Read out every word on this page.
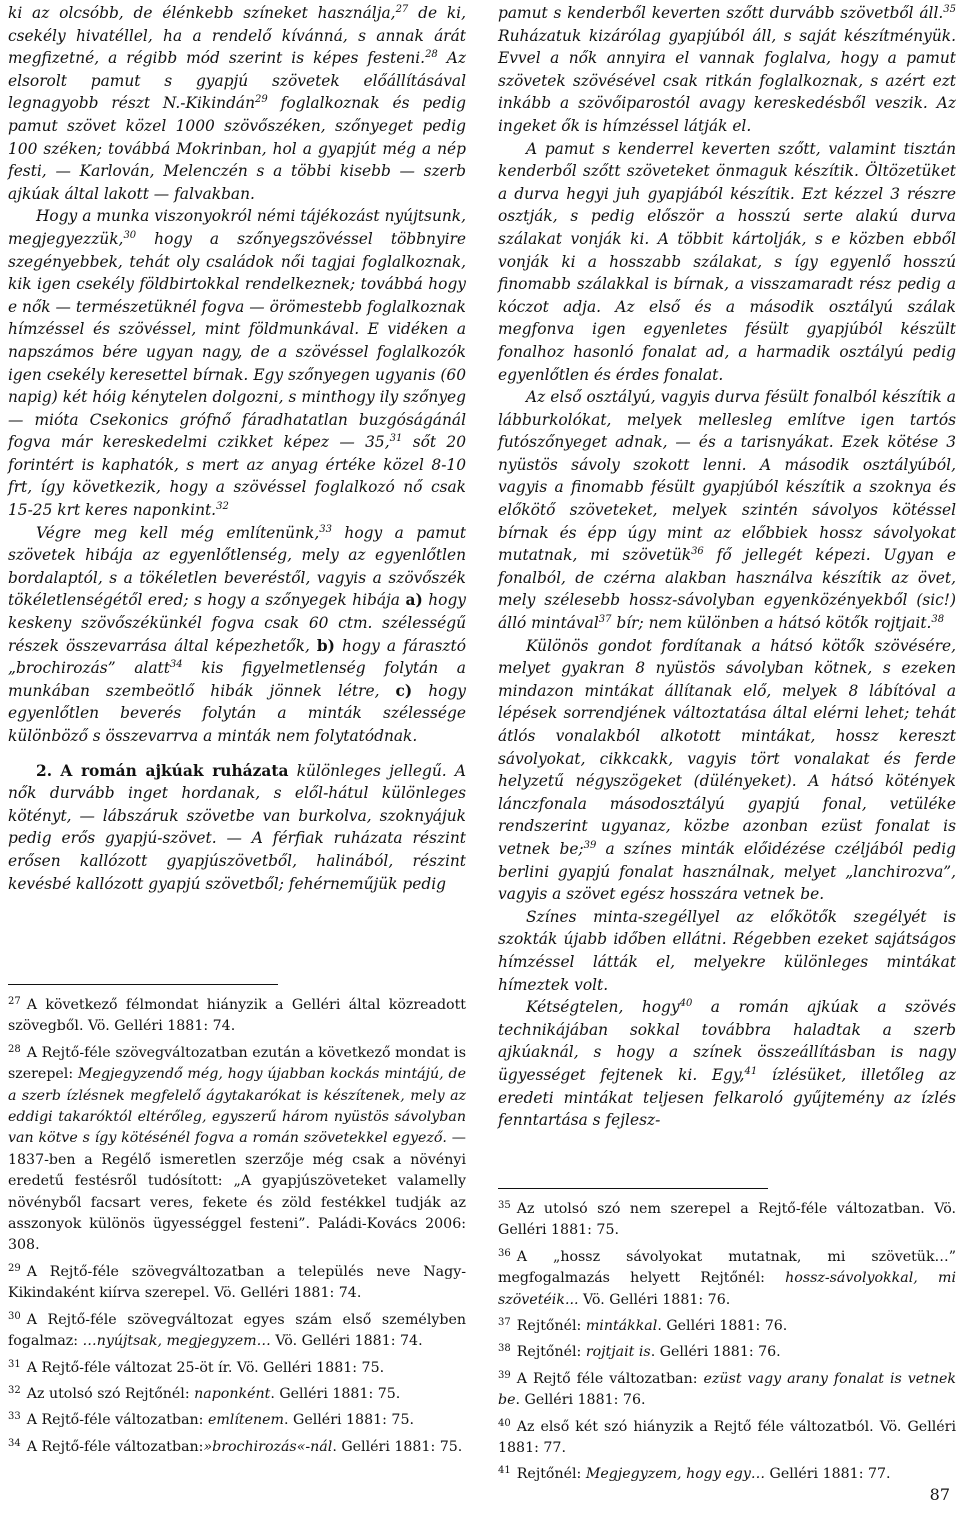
ki az olcsóbb, de élénkebb színeket használja,$^{27}$ de ki, csekély hivatéllel, ha a rendelő kívánná, s annak árát megfizetné, a régibb mód szerint is képes festeni.$^{28}$ Az elsorolt pamut s gyapjú szövetek előállításával legnagyobb részt N.-Kikindán$^{29}$ foglalkoznak és pedig pamut szövet közel 1000 szövőszéken, szőnyeget pedig 100 széken; továbbá Mokrinban, hol a gyapjút még a nép festi, — Karlován, Melenczén s a többi kisebb — szerb ajkúak által lakott — falvakban.

Hogy a munka viszonyokról némi tájékozást nyújtsunk, megjegyezzük,$^{30}$ hogy a szőnyegszövéssel többnyire szegényebbek, tehát oly családok női tagjai foglalkoznak, kik igen csekély földbirtokkal rendelkeznek; továbbá hogy e nők — természetüknél fogva — örömestebb foglalkoznak hímzéssel és szövéssel, mint földmunkával. E vidéken a napszámos bére ugyan nagy, de a szövéssel foglalkozók igen csekély keresettel bírnak. Egy szőnyegen ugyanis (60 napig) két hóig kénytelen dolgozni, s minthogy ily szőnyeg — mióta Csekonics grófnő fáradhatatlan buzgóságánál fogva már kereskedelmi czikket képez — 35,31 sőt 20 forintért is kaphatók, s mert az anyag értéke közel 8-10 frt, így következik, hogy a szövéssel foglalkozó nő csak 15-25 krt keres naponkint.$^{32}$

Végre meg kell még említenünk,$^{33}$ hogy a pamut szövetek hibája az egyenlőtlenség, mely az egyenlőtlen bordalaptól, s a tökéletlen beveréstől, vagyis a szövőszék tökéletlenségétől ered; s hogy a szőnyegek hibája a) hogy keskeny szövőszékünkél fogva csak 60 ctm. szélességű részek összevarrása által képezhetők, b) hogy a fárasztó „brochirozás” alatt$^{34}$ kis figyelmetlenség folytán a munkában szembeötlő hibák jönnek létre, c) hogy egyenlőtlen beverés folytán a minták szélessége különböző s összevarrva a minták nem folytatódnak.

2. A román ajkúak ruházata különleges jellegű. A nők durvább inget hordanak, s elől-hátul különleges kötényt, — lábszáruk szövetbe van burkolva, szoknyájuk pedig erős gyapjú-szövet. — A férfiak ruházata részint erősen kallózott gyapjúszövetből, halinából, részint kevésbé kallózott gyapjú szövetből; fehérneműjük pedig

$^{27}$ A következő félmondat hiányzik a Gelléri által közreadott szövegből. Vö. Gelléri 1881: 74.

$^{28}$ A Rejtő-féle szövegváltozatban ezután a következő mondat is szerepel: Megjegyzendő még, hogy újabban kockás mintájú, de a szerb ízlésnek megfelelő ágytakarókat is készítenek, mely az eddigi takaróktól eltérőleg, egyszerű három nyüstös sávolyban van kötve s így kötésénél fogva a román szövetekkel egyező. — 1837-ben a Regélő ismeretlen szerzője még csak a növényi eredetű festésről tudósított: „A gyapjúszöveteket valamelly növényből facsart veres, fekete és zöld festékkel tudják az asszonyok különös ügyességgel festeni”. Paládi-Kovács 2006: 308.

$^{29}$ A Rejtő-féle szövegváltozatban a település neve Nagy-Kikindaként kiírva szerepel. Vö. Gelléri 1881: 74.

$^{30}$ A Rejtő-féle szövegváltozat egyes szám első személyben fogalmaz: …nyújtsak, megjegyzem… Vö. Gelléri 1881: 74.

$^{31}$ A Rejtő-féle változat 25-öt ír. Vö. Gelléri 1881: 75.

$^{32}$ Az utolsó szó Rejtőnél: naponként. Gelléri 1881: 75.

$^{33}$ A Rejtő-féle változatban: említenem. Gelléri 1881: 75.

$^{34}$ A Rejtő-féle változatban:»brochirozás«-nál. Gelléri 1881: 75.

pamut s kenderből keverten szőtt durvább szövetből áll.$^{35}$ Ruházatuk kizárólag gyapjúból áll, s saját készítményük. Evvel a nők annyira el vannak foglalva, hogy a pamut szövetek szövésével csak ritkán foglalkoznak, s azért ezt inkább a szövőiparostól avagy kereskedésből veszik. Az ingeket ők is hímzéssel látják el.

A pamut s kenderrel keverten szőtt, valamint tisztán kenderből szőtt szöveteket önmaguk készítik. Öltözetüket a durva hegyi juh gyapjából készítik. Ezt kézzel 3 részre osztják, s pedig először a hosszú serte alakú durva szálakat vonják ki. A többit kártolják, s e közben ebből vonják ki a hosszabb szálakat, s így egyenlő hosszú finomabb szálakkal is bírnak, a visszamaradt rész pedig a kóczot adja. Az első és a második osztályú szálak megfonva igen egyenletes fésült gyapjúból készült fonalhoz hasonló fonalat ad, a harmadik osztályú pedig egyenlőtlen és érdes fonalat.

Az első osztályú, vagyis durva fésült fonalból készítik a lábburkolókat, melyek mellesleg említve igen tartós futószőnyeget adnak, — és a tarisnyákat. Ezek kötése 3 nyüstös sávoly szokott lenni. A második osztályúból, vagyis a finomabb fésült gyapjúból készítik a szoknya és előkötő szöveteket, melyek szintén sávolyos kötéssel bírnak és épp úgy mint az előbbiek hossz sávolyokat mutatnak, mi szövetük$^{36}$ fő jellegét képezi. Ugyan e fonalból, de czérna alakban használva készítik az övet, mely szélesebb hossz-sávolyban egyenközényekből (sic!) álló mintával$^{37}$ bír; nem különben a hátsó kötők rojtjait.$^{38}$

Különös gondot fordítanak a hátsó kötők szövésére, melyet gyakran 8 nyüstös sávolyban kötnek, s ezeken mindazon mintákat állítanak elő, melyek 8 lábítóval a lépések sorrendjének változtatása által elérni lehet; tehát átlós vonalakból alkotott mintákat, hossz kereszt sávolyokat, cikkcakk, vagyis tört vonalakat és ferde helyzetű négyszögeket (dülényeket). A hátsó kötények lánczfonala másodosztályú gyapjú fonal, vetüléke rendszerint ugyanaz, közbe azonban ezüst fonalat is vetnek be;$^{39}$ a színes minták előidézése czéljából pedig berlini gyapjú fonalat használnak, melyet „lanchirozva”, vagyis a szövet egész hosszára vetnek be.

Színes minta-szegéllyel az előkötők szegélyét is szokták újabb időben ellátni. Régebben ezeket sajátságos hímzéssel látták el, melyekre különleges mintákat hímeztek volt.

Kétségtelen, hogy$^{40}$ a román ajkúak a szövés technikájában sokkal továbbra haladtak a szerb ajkúaknál, s hogy a színek összeállításban is nagy ügyességet fejtenek ki. Egy,$^{41}$ ízlésüket, illetőleg az eredeti mintákat teljesen felkaroló gyűjtemény az ízlés fenntartása s fejlesz-

$^{35}$ Az utolsó szó nem szerepel a Rejtő-féle változatban. Vö. Gelléri 1881: 75.

$^{36}$ A „hossz sávolyokat mutatnak, mi szövetük…” megfogalmazás helyett Rejtőnél: hossz-sávolyokkal, mi szövetéik... Vö. Gelléri 1881: 76.

$^{37}$ Rejtőnél: mintákkal. Gelléri 1881: 76.

$^{38}$ Rejtőnél: rojtjait is. Gelléri 1881: 76.

$^{39}$ A Rejtő féle változatban: ezüst vagy arany fonalat is vetnek be. Gelléri 1881: 76.

$^{40}$ Az első két szó hiányzik a Rejtő féle változatból. Vö. Gelléri 1881: 77.

$^{41}$ Rejtőnél: Megjegyzem, hogy egy… Gelléri 1881: 77.

87
